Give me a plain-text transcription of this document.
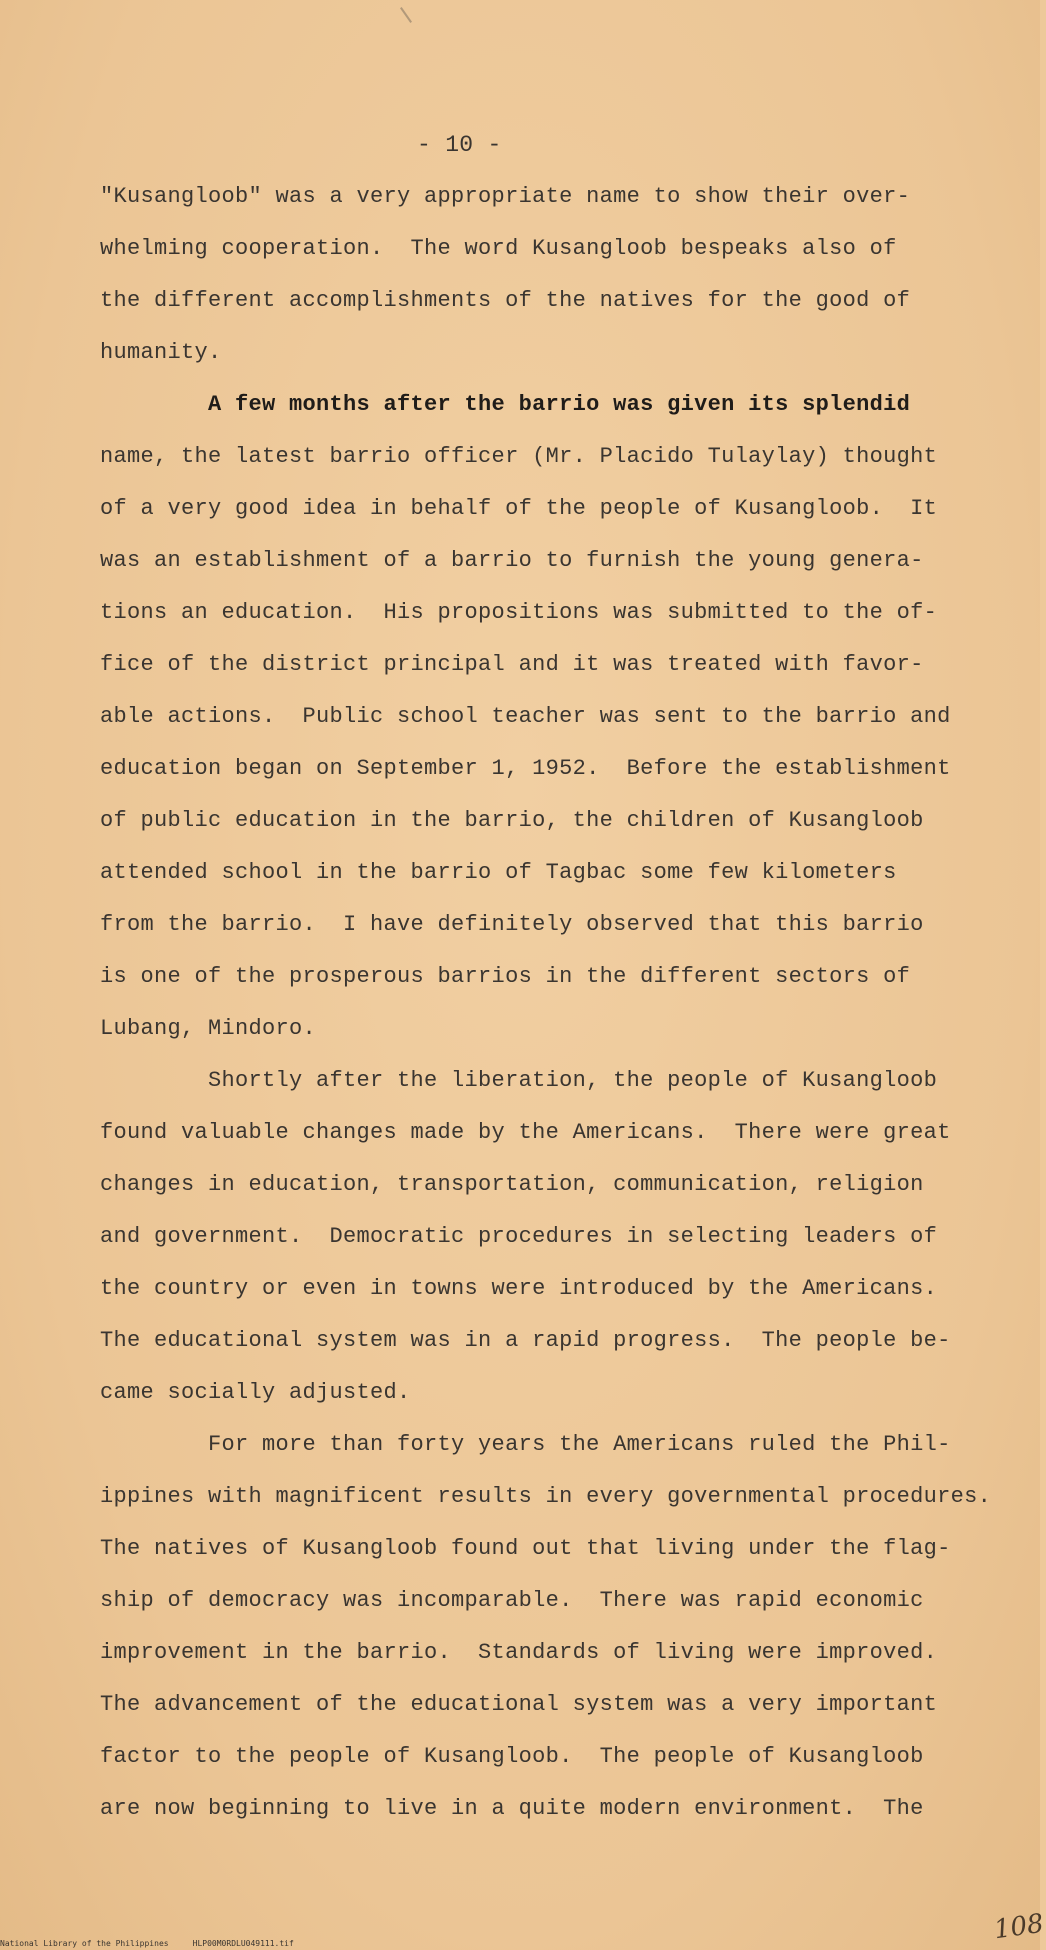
- 10 -
"Kusangloob" was a very appropriate name to show their over-
whelming cooperation.  The word Kusangloob bespeaks also of
the different accomplishments of the natives for the good of
humanity.
A few months after the barrio was given its splendid
name, the latest barrio officer (Mr. Placido Tulaylay) thought
of a very good idea in behalf of the people of Kusangloob.  It
was an establishment of a barrio to furnish the young genera-
tions an education.  His propositions was submitted to the of-
fice of the district principal and it was treated with favor-
able actions.  Public school teacher was sent to the barrio and
education began on September 1, 1952.  Before the establishment
of public education in the barrio, the children of Kusangloob
attended school in the barrio of Tagbac some few kilometers
from the barrio.  I have definitely observed that this barrio
is one of the prosperous barrios in the different sectors of
Lubang, Mindoro.
Shortly after the liberation, the people of Kusangloob
found valuable changes made by the Americans.  There were great
changes in education, transportation, communication, religion
and government.  Democratic procedures in selecting leaders of
the country or even in towns were introduced by the Americans.
The educational system was in a rapid progress.  The people be-
came socially adjusted.
For more than forty years the Americans ruled the Phil-
ippines with magnificent results in every governmental procedures.
The natives of Kusangloob found out that living under the flag-
ship of democracy was incomparable.  There was rapid economic
improvement in the barrio.  Standards of living were improved.
The advancement of the educational system was a very important
factor to the people of Kusangloob.  The people of Kusangloob
are now beginning to live in a quite modern environment.  The
108
National Library of the Philippines     HLP00M0RDLU049111.tif
